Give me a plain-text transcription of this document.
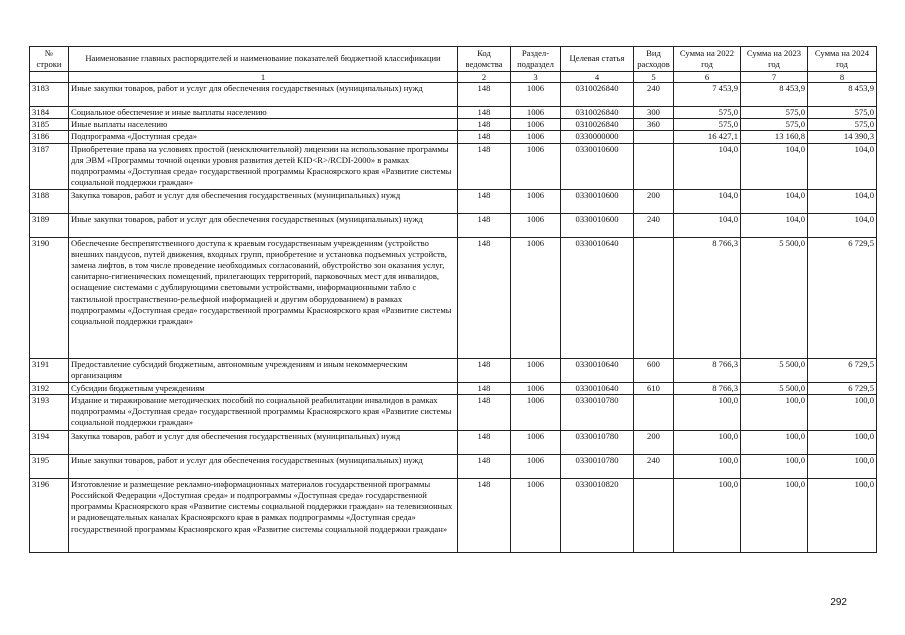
№ строки	Наименование главных распорядителей и наименование показателей бюджетной классификации	Код ведомства	Раздел-подраздел	Целевая статья	Вид расходов	Сумма на 2022 год	Сумма на 2023 год	Сумма на 2024 год
	1	2	3	4	5	6	7	8
3183	Иные закупки товаров, работ и услуг для обеспечения государственных (муниципальных) нужд	148	1006	0310026840	240	7 453,9	8 453,9	8 453,9
3184	Социальное обеспечение и иные выплаты населению	148	1006	0310026840	300	575,0	575,0	575,0
3185	Иные выплаты населению	148	1006	0310026840	360	575,0	575,0	575,0
3186	Подпрограмма «Доступная среда»	148	1006	0330000000		16 427,1	13 160,8	14 390,3
3187	Приобретение права на условиях простой (неисключительной) лицензии на использование программы для ЭВМ «Программы точной оценки уровня развития детей KID<R>/RCDI-2000» в рамках подпрограммы «Доступная среда» государственной программы Красноярского края «Развитие системы социальной поддержки граждан»	148	1006	0330010600		104,0	104,0	104,0
3188	Закупка товаров, работ и услуг для обеспечения государственных (муниципальных) нужд	148	1006	0330010600	200	104,0	104,0	104,0
3189	Иные закупки товаров, работ и услуг для обеспечения государственных (муниципальных) нужд	148	1006	0330010600	240	104,0	104,0	104,0
3190	Обеспечение беспрепятственного доступа к краевым государственным учреждениям (устройство внешних пандусов, путей движения, входных групп, приобретение и установка подъемных устройств, замена лифтов, в том числе проведение необходимых согласований, обустройство зон оказания услуг, санитарно-гигиенических помещений, прилегающих территорий, парковочных мест для инвалидов, оснащение системами с дублирующими световыми устройствами, информационными табло с тактильной пространственно-рельефной информацией и другим оборудованием) в рамках подпрограммы «Доступная среда» государственной программы Красноярского края «Развитие системы социальной поддержки граждан»	148	1006	0330010640		8 766,3	5 500,0	6 729,5
3191	Предоставление субсидий бюджетным, автономным учреждениям и иным некоммерческим организациям	148	1006	0330010640	600	8 766,3	5 500,0	6 729,5
3192	Субсидии бюджетным учреждениям	148	1006	0330010640	610	8 766,3	5 500,0	6 729,5
3193	Издание и тиражирование методических пособий по социальной реабилитации инвалидов в рамках подпрограммы «Доступная среда» государственной программы Красноярского края «Развитие системы социальной поддержки граждан»	148	1006	0330010780		100,0	100,0	100,0
3194	Закупка товаров, работ и услуг для обеспечения государственных (муниципальных) нужд	148	1006	0330010780	200	100,0	100,0	100,0
3195	Иные закупки товаров, работ и услуг для обеспечения государственных (муниципальных) нужд	148	1006	0330010780	240	100,0	100,0	100,0
3196	Изготовление и размещение рекламно-информационных материалов государственной программы Российской Федерации «Доступная среда» и подпрограммы «Доступная среда» государственной программы Красноярского края «Развитие системы социальной поддержки граждан» на телевизионных и радиовещательных каналах Красноярского края в рамках подпрограммы «Доступная среда» государственной программы Красноярского края «Развитие системы социальной поддержки граждан»	148	1006	0330010820		100,0	100,0	100,0
292
